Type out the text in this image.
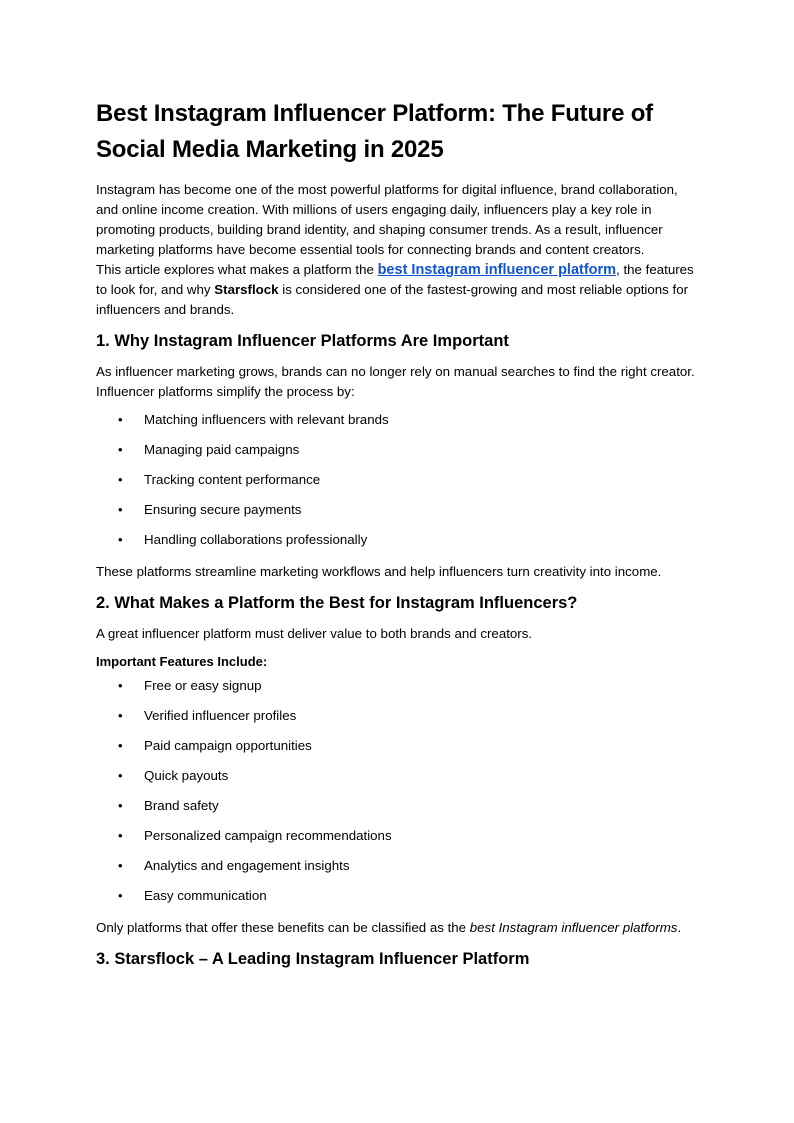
Best Instagram Influencer Platform: The Future of Social Media Marketing in 2025

Instagram has become one of the most powerful platforms for digital influence, brand collaboration, and online income creation. With millions of users engaging daily, influencers play a key role in promoting products, building brand identity, and shaping consumer trends. As a result, influencer marketing platforms have become essential tools for connecting brands and content creators.

This article explores what makes a platform the best Instagram influencer platform, the features to look for, and why Starsflock is considered one of the fastest-growing and most reliable options for influencers and brands.

1. Why Instagram Influencer Platforms Are Important

As influencer marketing grows, brands can no longer rely on manual searches to find the right creator. Influencer platforms simplify the process by:

• Matching influencers with relevant brands
• Managing paid campaigns
• Tracking content performance
• Ensuring secure payments
• Handling collaborations professionally

These platforms streamline marketing workflows and help influencers turn creativity into income.

2. What Makes a Platform the Best for Instagram Influencers?

A great influencer platform must deliver value to both brands and creators.

Important Features Include:

• Free or easy signup
• Verified influencer profiles
• Paid campaign opportunities
• Quick payouts
• Brand safety
• Personalized campaign recommendations
• Analytics and engagement insights
• Easy communication

Only platforms that offer these benefits can be classified as the best Instagram influencer platforms.

3. Starsflock – A Leading Instagram Influencer Platform
